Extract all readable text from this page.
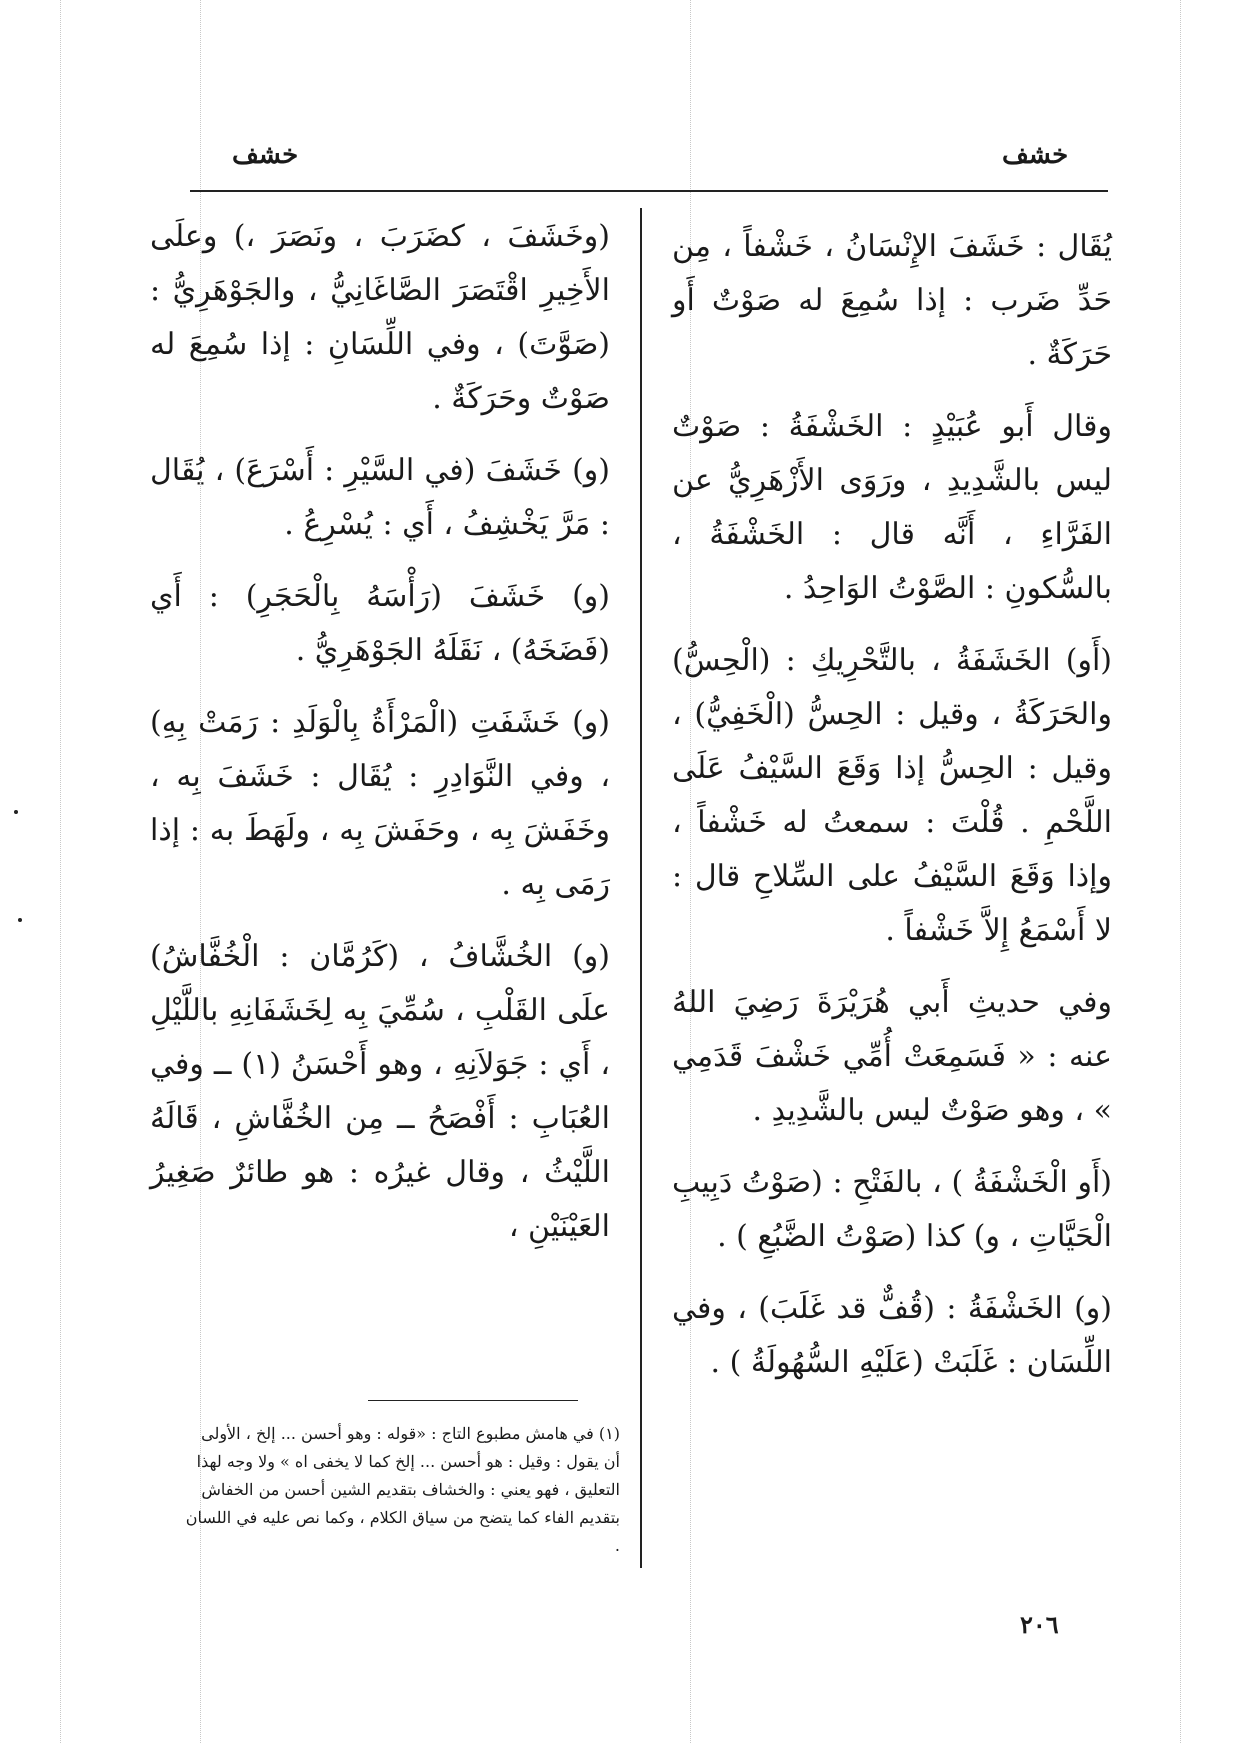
خشف	خشف

يُقَال : خَشَفَ الإِنْسَانُ ، خَشْفاً ، مِن حَدِّ ضَرب : إذا سُمِعَ له صَوْتٌ أَو حَرَكَةٌ .

وقال أَبو عُبَيْدٍ : الخَشْفَةُ : صَوْتٌ ليس بالشَّدِيدِ ، ورَوَى الأَزْهَرِيُّ عن الفَرَّاءِ ، أَنَّه قال : الخَشْفَةُ ، بالسُّكونِ : الصَّوْتُ الوَاحِدُ .

(أَو) الخَشَفَةُ ، بالتَّحْرِيكِ : (الْحِسُّ) والحَرَكَةُ ، وقيل : الحِسُّ (الْخَفِيُّ) ، وقيل : الحِسُّ إذا وَقَعَ السَّيْفُ عَلَى اللَّحْمِ . قُلْتَ : سمعتُ له خَشْفاً ، وإذا وَقَعَ السَّيْفُ على السِّلاحِ قال : لا أَسْمَعُ إِلاَّ خَشْفاً .

وفي حديثِ أَبي هُرَيْرَةَ رَضِيَ اللهُ عنه : « فَسَمِعَتْ أُمِّي خَشْفَ قَدَمِي » ، وهو صَوْتٌ ليس بالشَّدِيدِ .

(أَو الْخَشْفَةُ ) ، بالفَتْحِ : (صَوْتُ دَبِيبِ الْحَيَّاتِ ، و) كذا (صَوْتُ الضَّبُعِ ) .

(و) الخَشْفَةُ : (قُفٌّ قد غَلَبَ) ، وفي اللِّسَان : غَلَبَتْ (عَلَيْهِ السُّهُولَةُ ) .

(وخَشَفَ ، كضَرَبَ ، ونَصَرَ ،) وعلَى الأَخِيرِ اقْتَصَرَ الصَّاغَانِيُّ ، والجَوْهَرِيُّ : (صَوَّتَ) ، وفي اللِّسَانِ : إذا سُمِعَ له صَوْتٌ وحَرَكَةٌ .

(و) خَشَفَ (في السَّيْرِ : أَسْرَعَ) ، يُقَال : مَرَّ يَخْشِفُ ، أَي : يُسْرِعُ .

(و) خَشَفَ (رَأْسَهُ بِالْحَجَرِ) : أَي (فَضَخَهُ) ، نَقَلَهُ الجَوْهَرِيُّ .

(و) خَشَفَتِ (الْمَرْأَةُ بِالْوَلَدِ : رَمَتْ بِهِ) ، وفي النَّوَادِرِ : يُقَال : خَشَفَ بِه ، وخَفَشَ بِه ، وحَفَشَ بِه ، ولَهَطَ به : إذا رَمَى بِه .

(و) الخُشَّافُ ، (كَرُمَّان : الْخُفَّاشُ) علَى القَلْبِ ، سُمِّيَ بِه لِخَشَفَانِهِ باللَّيْلِ ، أَي : جَوَلاَنِهِ ، وهو أَحْسَنُ (١) ــ وفي العُبَابِ : أَفْصَحُ ــ مِن الخُفَّاشِ ، قَالَهُ اللَّيْثُ ، وقال غيرُه : هو طائرٌ صَغِيرُ العَيْنَيْنِ ،

(١) في هامش مطبوع التاج : «قوله : وهو أحسن ... إلخ ، الأولى أن يقول : وقيل : هو أحسن ... إلخ كما لا يخفى اه » ولا وجه لهذا التعليق ، فهو يعني : والخشاف بتقديم الشين أحسن من الخفاش بتقديم الفاء كما يتضح من سياق الكلام ، وكما نص عليه في اللسان .
٢٠٦
